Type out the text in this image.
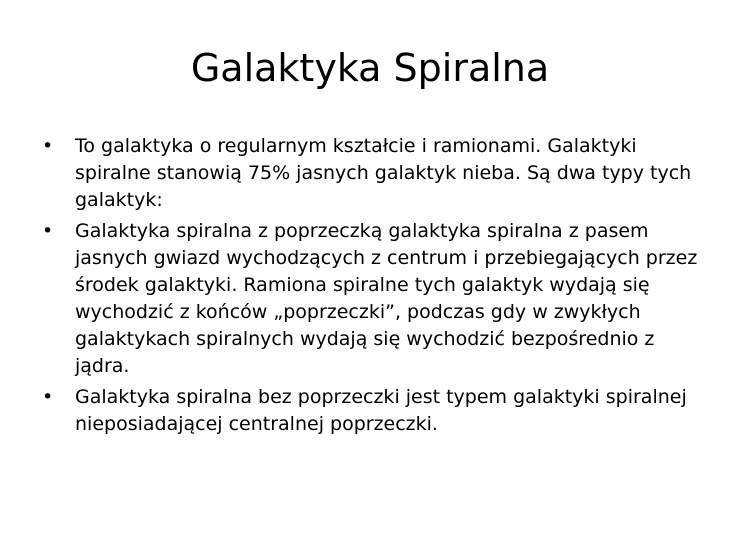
Galaktyka Spiralna
• To galaktyka o regularnym kształcie i ramionami. Galaktyki spiralne stanowią 75% jasnych galaktyk nieba. Są dwa typy tych galaktyk:
• Galaktyka spiralna z poprzeczką galaktyka spiralna z pasem jasnych gwiazd wychodzących z centrum i przebiegających przez środek galaktyki. Ramiona spiralne tych galaktyk wydają się wychodzić z końców „poprzeczki”, podczas gdy w zwykłych galaktykach spiralnych wydają się wychodzić bezpośrednio z jądra.
• Galaktyka spiralna bez poprzeczki jest typem galaktyki spiralnej nieposiadającej centralnej poprzeczki.
